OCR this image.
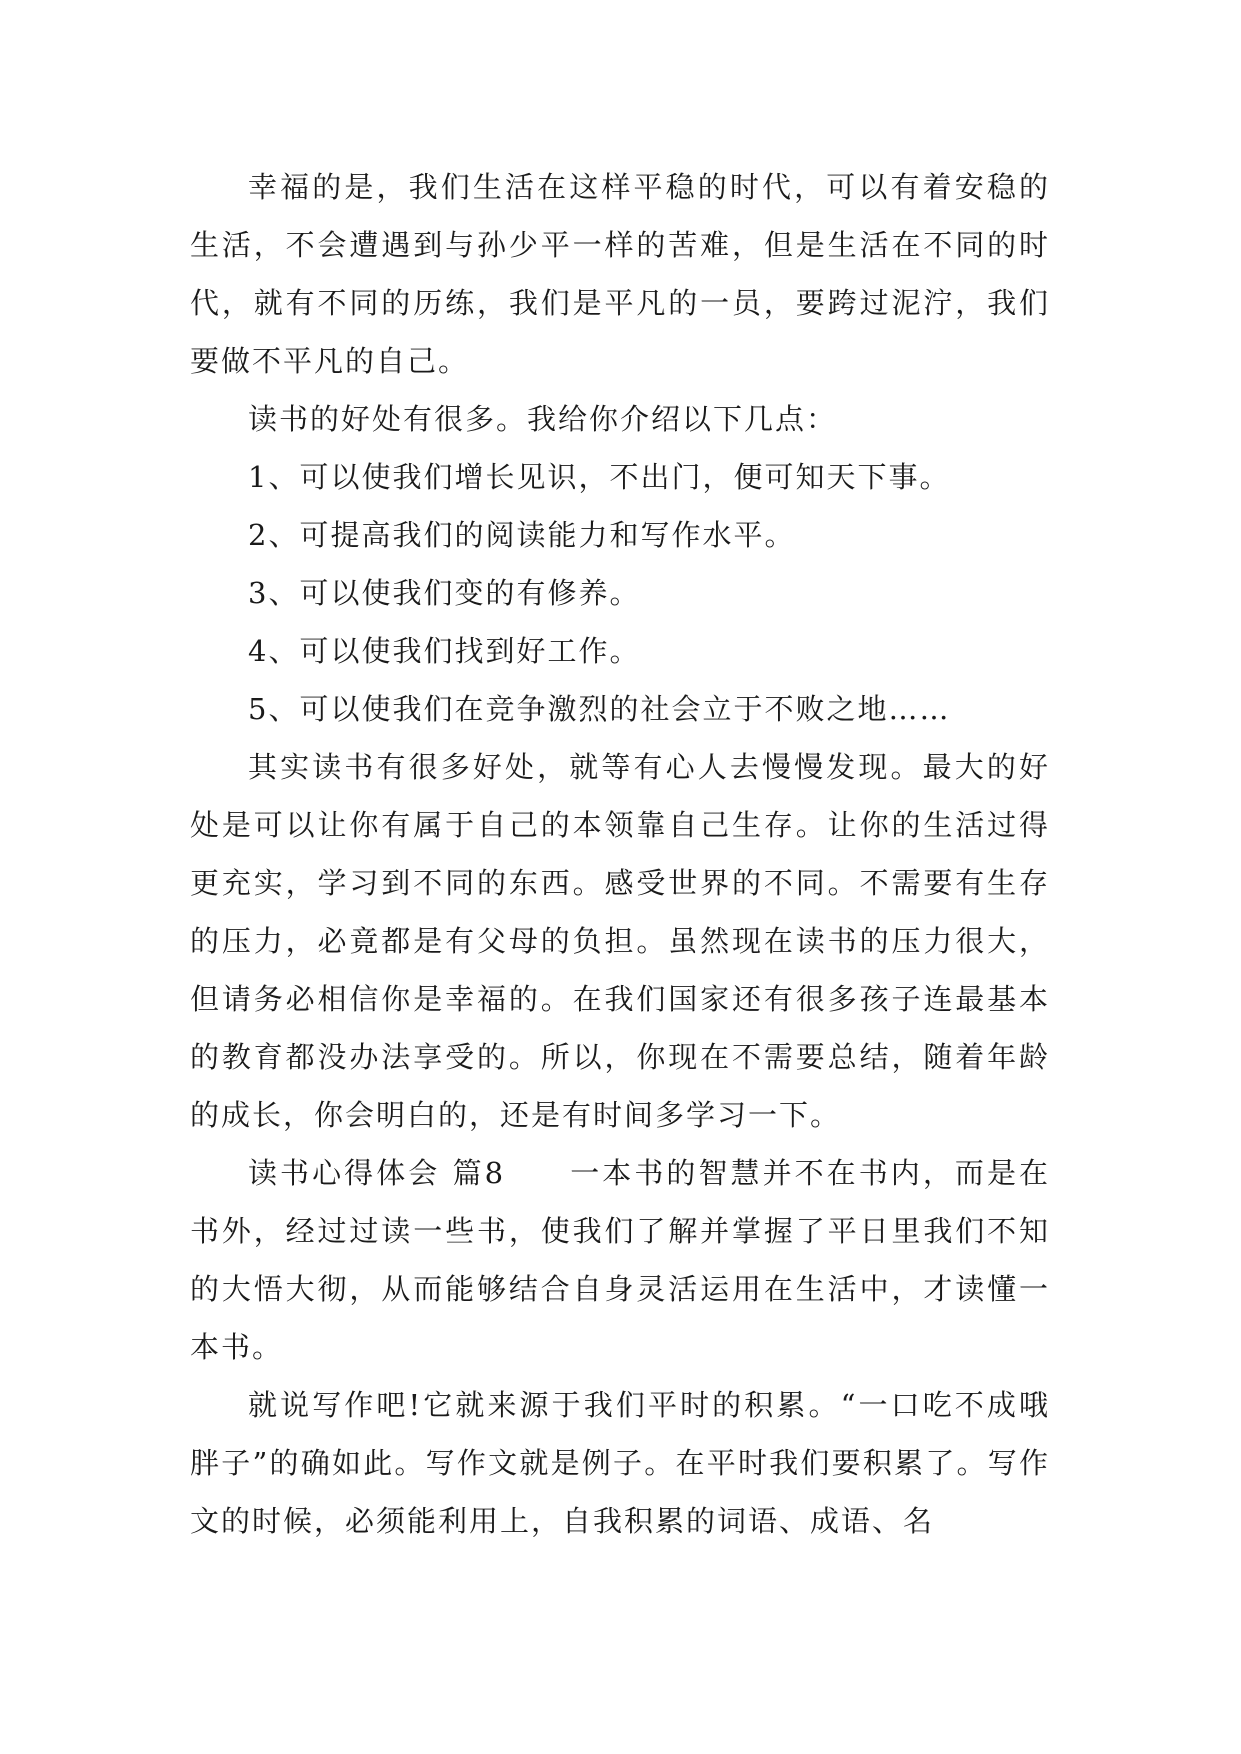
幸福的是，我们生活在这样平稳的时代，可以有着安稳的生活，不会遭遇到与孙少平一样的苦难，但是生活在不同的时代，就有不同的历练，我们是平凡的一员，要跨过泥泞，我们要做不平凡的自己。

读书的好处有很多。我给你介绍以下几点：

1、可以使我们增长见识，不出门，便可知天下事。

2、可提高我们的阅读能力和写作水平。

3、可以使我们变的有修养。

4、可以使我们找到好工作。

5、可以使我们在竞争激烈的社会立于不败之地……

其实读书有很多好处，就等有心人去慢慢发现。最大的好处是可以让你有属于自己的本领靠自己生存。让你的生活过得更充实，学习到不同的东西。感受世界的不同。不需要有生存的压力，必竟都是有父母的负担。虽然现在读书的压力很大，但请务必相信你是幸福的。在我们国家还有很多孩子连最基本的教育都没办法享受的。所以，你现在不需要总结，随着年龄的成长，你会明白的，还是有时间多学习一下。

读书心得体会 篇8　　一本书的智慧并不在书内，而是在书外，经过过读一些书，使我们了解并掌握了平日里我们不知的大悟大彻，从而能够结合自身灵活运用在生活中，才读懂一本书。

就说写作吧!它就来源于我们平时的积累。“一口吃不成哦胖子”的确如此。写作文就是例子。在平时我们要积累了。写作文的时候，必须能利用上，自我积累的词语、成语、名
